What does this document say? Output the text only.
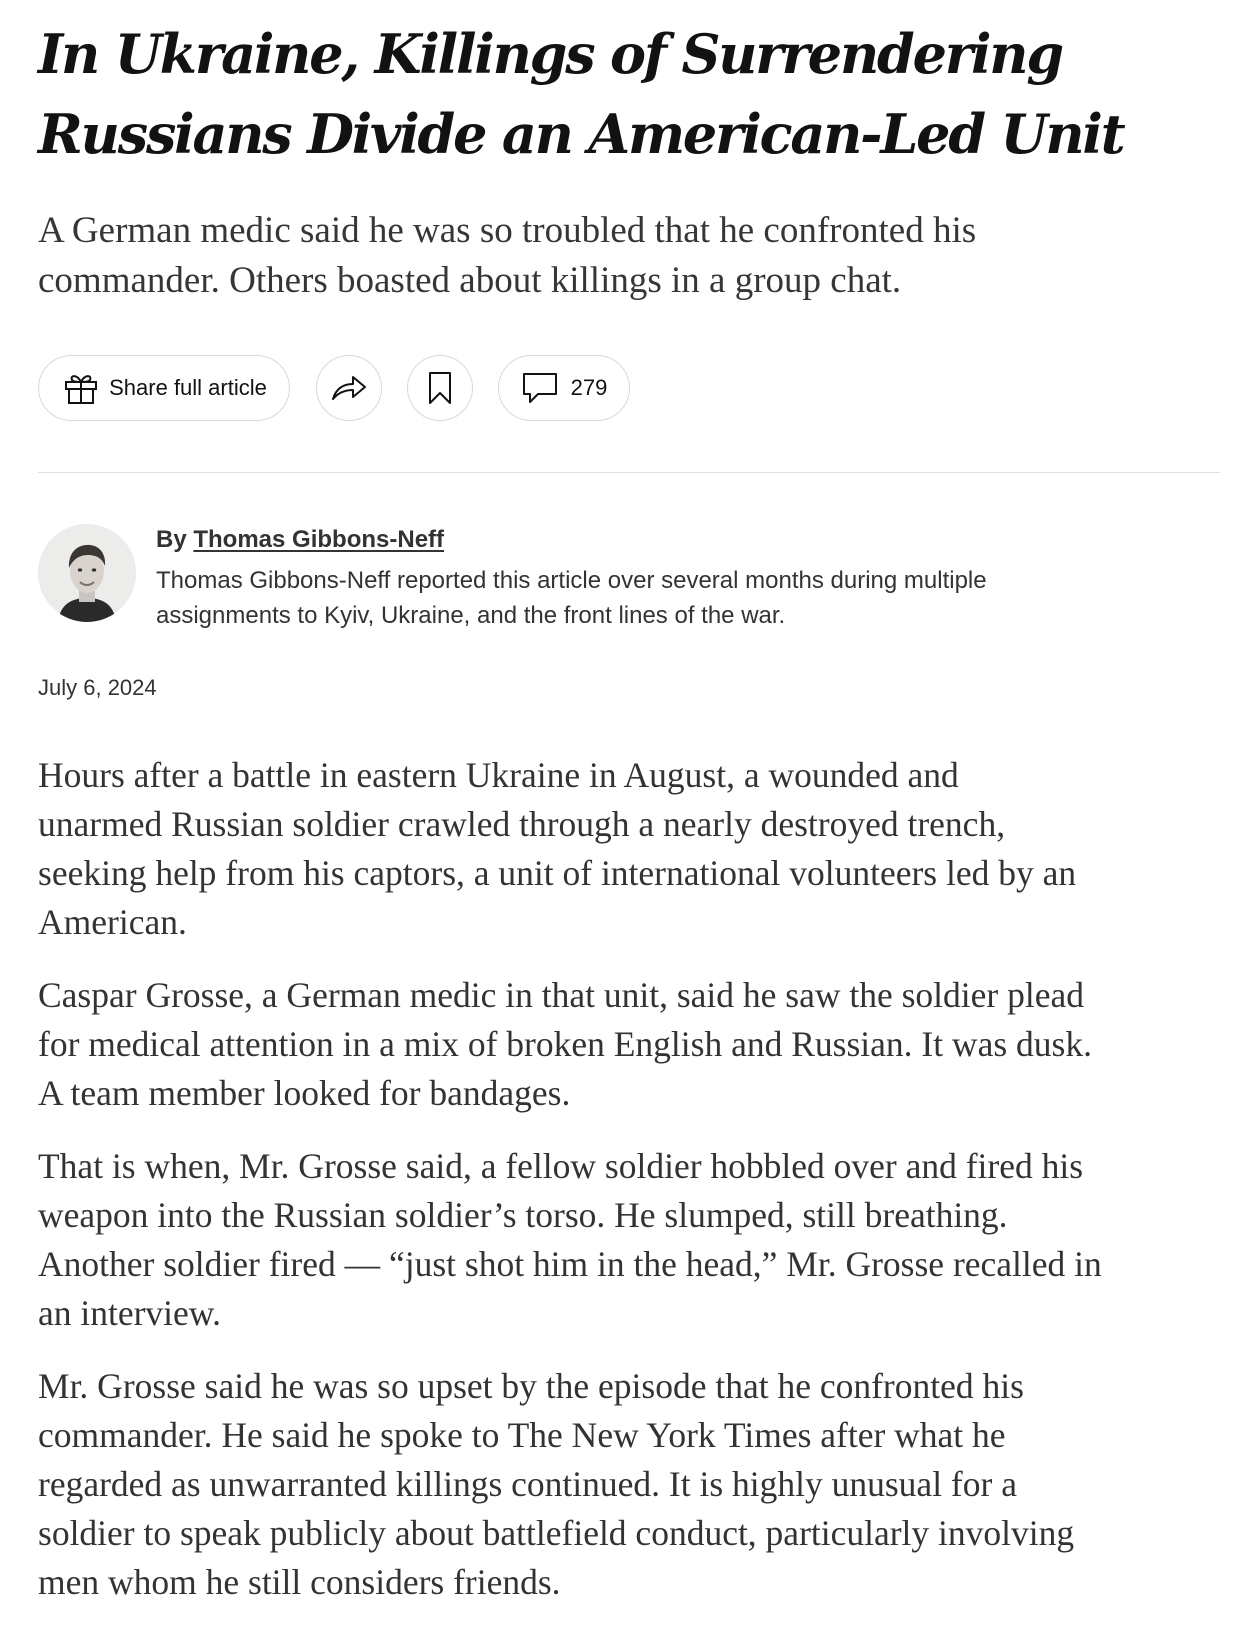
In Ukraine, Killings of Surrendering
Russians Divide an American-Led Unit

A German medic said he was so troubled that he confronted his
commander. Others boasted about killings in a group chat.

Share full article	279
By Thomas Gibbons-Neff

Thomas Gibbons-Neff reported this article over several months during multiple
assignments to Kyiv, Ukraine, and the front lines of the war.

July 6, 2024

Hours after a battle in eastern Ukraine in August, a wounded and
unarmed Russian soldier crawled through a nearly destroyed trench,
seeking help from his captors, a unit of international volunteers led by an
American.

Caspar Grosse, a German medic in that unit, said he saw the soldier plead
for medical attention in a mix of broken English and Russian. It was dusk.
A team member looked for bandages.

That is when, Mr. Grosse said, a fellow soldier hobbled over and fired his
weapon into the Russian soldier’s torso. He slumped, still breathing.
Another soldier fired — “just shot him in the head,” Mr. Grosse recalled in
an interview.

Mr. Grosse said he was so upset by the episode that he confronted his
commander. He said he spoke to The New York Times after what he
regarded as unwarranted killings continued. It is highly unusual for a
soldier to speak publicly about battlefield conduct, particularly involving
men whom he still considers friends.
